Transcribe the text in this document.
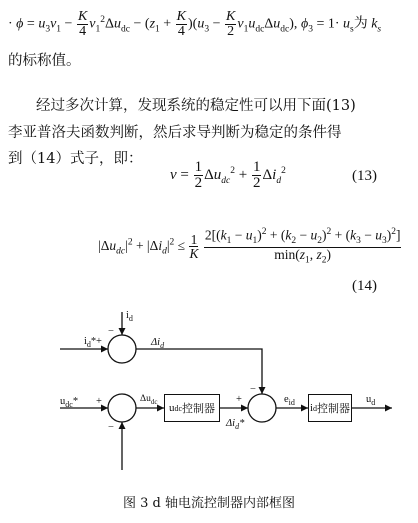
· $\phi = u_3v_1 - \frac{K}{4} v_1^2\Delta u_{dc} - (z_1 + \frac{K}{4} )(u_3 - \frac{K}{2} v_1u_{dc}\Delta u_{dc})$, $\phi_3 = 1\cdot u_s$为 $k_s$
的标称值。
经过多次计算，发现系统的稳定性可以用下面(13)
李亚普洛夫函数判断，然后求导判断为稳定的条件得
到（14）式子，即：
$v = \frac{1}{2} \Delta u_{dc}^2 + \frac{1}{2} \Delta i_d^2$	(13)
$|\Delta u_{dc}|^2 + |\Delta i_d|^2 \le \frac{1}{K}$
$\frac{2[(k_1 - u_1)^2 + (k_2 - u_2)^2 + (k_3 - u_3)^2]}{\min(z_1, z_2)}$
(14)
u dc 控制器	i d 控制器
$i_d$
$i_d*$ +
−
$\Delta i_d$
$u_{dc}*$ +
−
$\Delta u_{dc}$	+
−
$\Delta i_d*$
$e_{id}$	$u_d$
图 3 d 轴电流控制器内部框图
